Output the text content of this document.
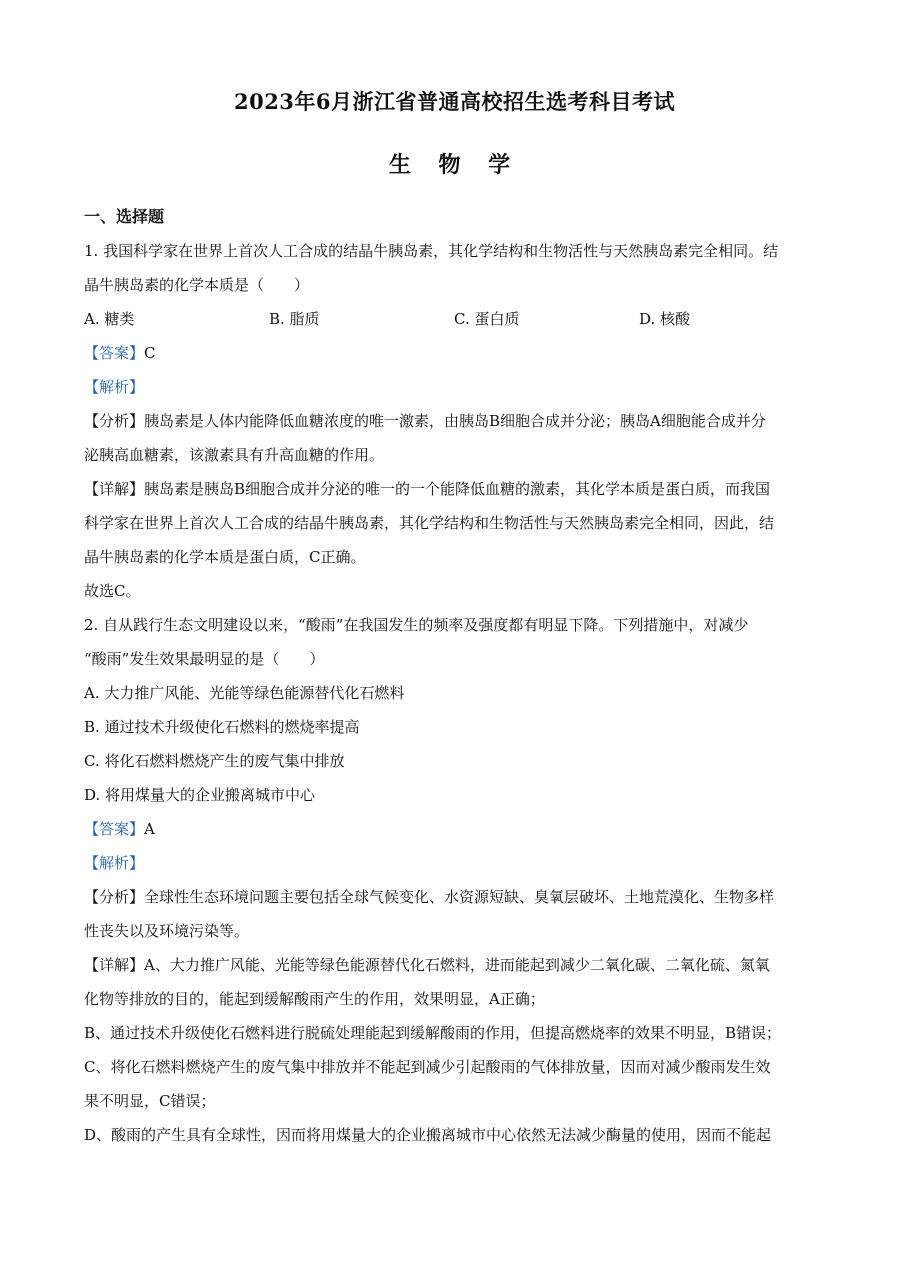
2023年6月浙江省普通高校招生选考科目考试
生 物 学

一、选择题

1. 我国科学家在世界上首次人工合成的结晶牛胰岛素，其化学结构和生物活性与天然胰岛素完全相同。结

晶牛胰岛素的化学本质是（　　）

A. 糖类	B. 脂质	C. 蛋白质	D. 核酸

【答案】C

【解析】

【分析】胰岛素是人体内能降低血糖浓度的唯一激素，由胰岛B细胞合成并分泌；胰岛A细胞能合成并分

泌胰高血糖素，该激素具有升高血糖的作用。

【详解】胰岛素是胰岛B细胞合成并分泌的唯一的一个能降低血糖的激素，其化学本质是蛋白质，而我国

科学家在世界上首次人工合成的结晶牛胰岛素，其化学结构和生物活性与天然胰岛素完全相同，因此，结

晶牛胰岛素的化学本质是蛋白质，C正确。

故选C。

2. 自从践行生态文明建设以来，“酸雨”在我国发生的频率及强度都有明显下降。下列措施中，对减少

“酸雨”发生效果最明显的是（　　）

A. 大力推广风能、光能等绿色能源替代化石燃料

B. 通过技术升级使化石燃料的燃烧率提高

C. 将化石燃料燃烧产生的废气集中排放

D. 将用煤量大的企业搬离城市中心

【答案】A

【解析】

【分析】全球性生态环境问题主要包括全球气候变化、水资源短缺、臭氧层破坏、土地荒漠化、生物多样

性丧失以及环境污染等。

【详解】A、大力推广风能、光能等绿色能源替代化石燃料，进而能起到减少二氧化碳、二氧化硫、氮氧

化物等排放的目的，能起到缓解酸雨产生的作用，效果明显，A正确；

B、通过技术升级使化石燃料进行脱硫处理能起到缓解酸雨的作用，但提高燃烧率的效果不明显，B错误；

C、将化石燃料燃烧产生的废气集中排放并不能起到减少引起酸雨的气体排放量，因而对减少酸雨发生效

果不明显，C错误；

D、酸雨的产生具有全球性，因而将用煤量大的企业搬离城市中心依然无法减少酶量的使用，因而不能起
